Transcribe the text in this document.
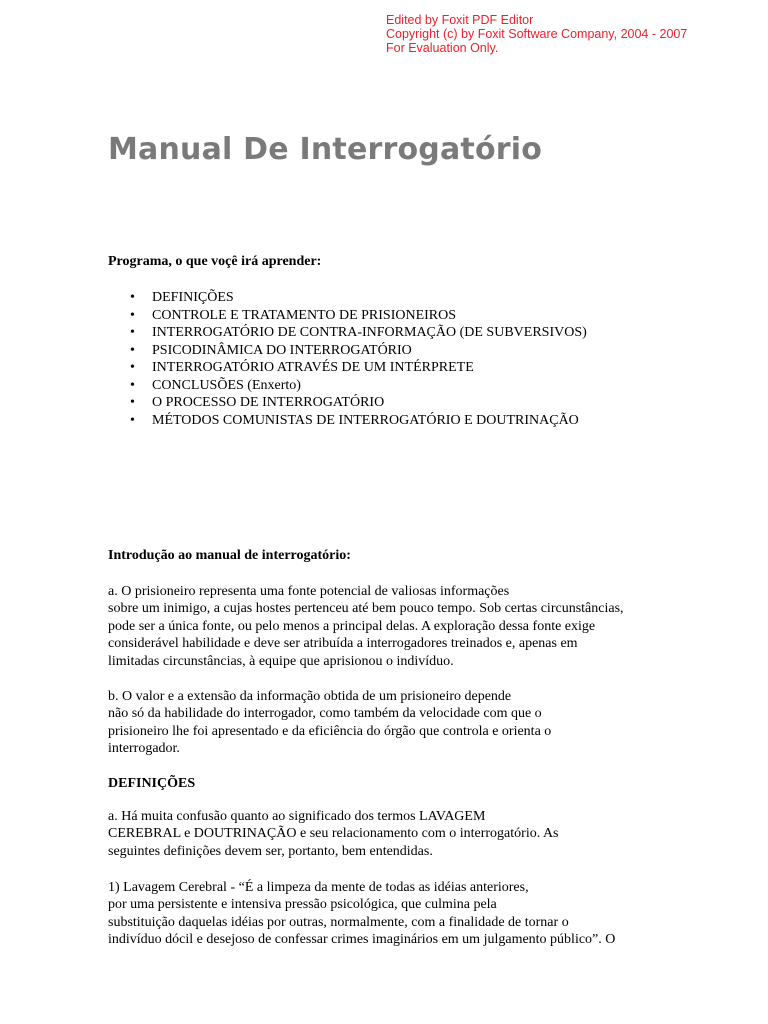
Edited by Foxit PDF Editor
Copyright (c) by Foxit Software Company, 2004 - 2007
For Evaluation Only.
Manual De Interrogatório
Programa, o que voçê irá aprender:
• DEFINIÇÕES
• CONTROLE E TRATAMENTO DE PRISIONEIROS
• INTERROGATÓRIO DE CONTRA-INFORMAÇÃO (DE SUBVERSIVOS)
• PSICODINÂMICA DO INTERROGATÓRIO
• INTERROGATÓRIO ATRAVÉS DE UM INTÉRPRETE
• CONCLUSÕES (Enxerto)
• O PROCESSO DE INTERROGATÓRIO
• MÉTODOS COMUNISTAS DE INTERROGATÓRIO E DOUTRINAÇÃO
Introdução ao manual de interrogatório:
a. O prisioneiro representa uma fonte potencial de valiosas informações
sobre um inimigo, a cujas hostes pertenceu até bem pouco tempo. Sob certas circunstâncias,
pode ser a única fonte, ou pelo menos a principal delas. A exploração dessa fonte exige
considerável habilidade e deve ser atribuída a interrogadores treinados e, apenas em
limitadas circunstâncias, à equipe que aprisionou o indivíduo.
b. O valor e a extensão da informação obtida de um prisioneiro depende
não só da habilidade do interrogador, como também da velocidade com que o
prisioneiro lhe foi apresentado e da eficiência do órgão que controla e orienta o
interrogador.
DEFINIÇÕES
a. Há muita confusão quanto ao significado dos termos LAVAGEM
CEREBRAL e DOUTRINAÇÃO e seu relacionamento com o interrogatório. As
seguintes definições devem ser, portanto, bem entendidas.
1) Lavagem Cerebral - “É a limpeza da mente de todas as idéias anteriores,
por uma persistente e intensiva pressão psicológica, que culmina pela
substituição daquelas idéias por outras, normalmente, com a finalidade de tornar o
indivíduo dócil e desejoso de confessar crimes imaginários em um julgamento público”. O
